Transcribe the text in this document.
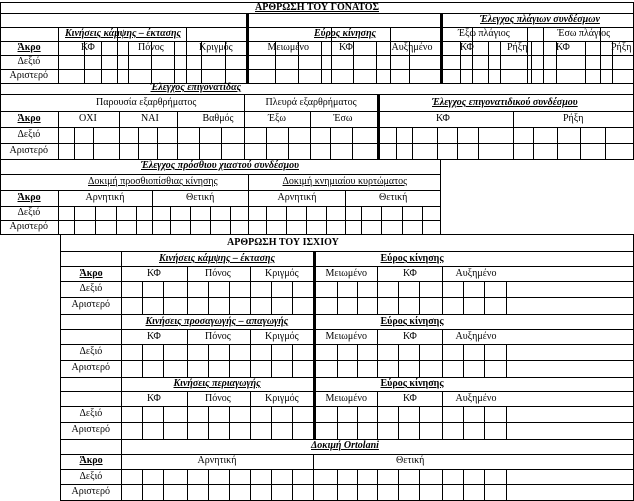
ΑΡΘΡΩΣΗ ΤΟΥ ΓΟΝΑΤΟΣ
Κινήσεις κάμψης – έκτασης	Εύρος κίνησης
Έλεγχος πλάγιων συνδέσμων
Έξω πλάγιος	Έσω πλάγιος
Άκρο	ΚΦ	Πόνος	Κριγμός	Μειωμένο	ΚΦ	Αυξημένο	ΚΦ	Ρήξη	ΚΦ	Ρήξη
Δεξιό
Αριστερό
Έλεγχος επιγονατίδας
Παρουσία εξαρθρήματος	Πλευρά εξαρθρήματος	Έλεγχος επιγονατιδικού συνδέσμου
Άκρο	ΟΧΙ	ΝΑΙ	Βαθμός	Έξω	Έσω	ΚΦ	Ρήξη
Δεξιό
Αριστερό
Έλεγχος πρόσθιου χιαστού συνδέσμου
Δοκιμή προσθιοπίσθιας κίνησης	Δοκιμή κνημιαίου κυρτώματος
Άκρο	Αρνητική	Θετική	Αρνητική	Θετική
Δεξιό
Αριστερό
ΑΡΘΡΩΣΗ ΤΟΥ ΙΣΧΙΟΥ
Κινήσεις κάμψης – έκτασης	Εύρος κίνησης
Άκρο	ΚΦ	Πόνος	Κριγμός	Μειωμένο	ΚΦ	Αυξημένο
Δεξιό
Αριστερό
Κινήσεις προσαγωγής – απαγωγής	Εύρος κίνησης
ΚΦ	Πόνος	Κριγμός	Μειωμένο	ΚΦ	Αυξημένο
Δεξιό
Αριστερό
Κινήσεις περιαγωγής	Εύρος κίνησης
ΚΦ	Πόνος	Κριγμός	Μειωμένο	ΚΦ	Αυξημένο
Δεξιό
Αριστερό
Δοκιμή Ortolani
Άκρο	Αρνητική	Θετική
Δεξιό
Αριστερό
